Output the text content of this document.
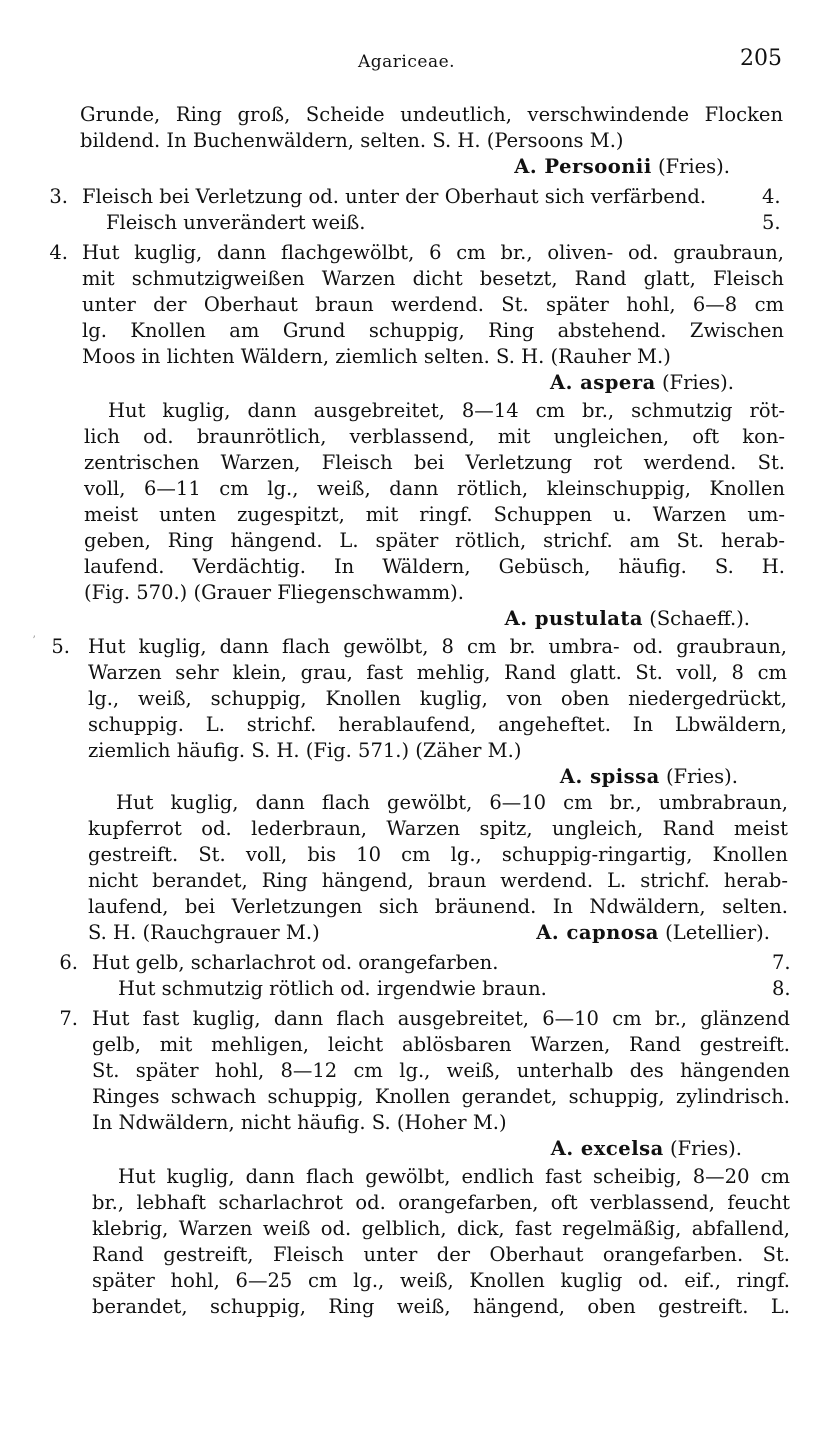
Agariceae.	205
Grunde, Ring groß, Scheide undeutlich, verschwindende Flocken
bildend. In Buchenwäldern, selten. S. H. (Persoons M.)
A. Persoonii (Fries).
3. Fleisch bei Verletzung od. unter der Oberhaut sich verfärbend.	4.
Fleisch unverändert weiß.	5.
4. Hut kuglig, dann flachgewölbt, 6 cm br., oliven- od. graubraun,
mit schmutzigweißen Warzen dicht besetzt, Rand glatt, Fleisch
unter der Oberhaut braun werdend. St. später hohl, 6—8 cm
lg. Knollen am Grund schuppig, Ring abstehend. Zwischen
Moos in lichten Wäldern, ziemlich selten. S. H. (Rauher M.)
A. aspera (Fries).
Hut kuglig, dann ausgebreitet, 8—14 cm br., schmutzig röt-
lich od. braunrötlich, verblassend, mit ungleichen, oft kon-
zentrischen Warzen, Fleisch bei Verletzung rot werdend. St.
voll, 6—11 cm lg., weiß, dann rötlich, kleinschuppig, Knollen
meist unten zugespitzt, mit ringf. Schuppen u. Warzen um-
geben, Ring hängend. L. später rötlich, strichf. am St. herab-
laufend. Verdächtig. In Wäldern, Gebüsch, häufig. S. H.
(Fig. 570.) (Grauer Fliegenschwamm).
A. pustulata (Schaeff.).
ʼ 5. Hut kuglig, dann flach gewölbt, 8 cm br. umbra- od. graubraun,
Warzen sehr klein, grau, fast mehlig, Rand glatt. St. voll, 8 cm
lg., weiß, schuppig, Knollen kuglig, von oben niedergedrückt,
schuppig. L. strichf. herablaufend, angeheftet. In Lbwäldern,
ziemlich häufig. S. H. (Fig. 571.) (Zäher M.)
A. spissa (Fries).
Hut kuglig, dann flach gewölbt, 6—10 cm br., umbrabraun,
kupferrot od. lederbraun, Warzen spitz, ungleich, Rand meist
gestreift. St. voll, bis 10 cm lg., schuppig-ringartig, Knollen
nicht berandet, Ring hängend, braun werdend. L. strichf. herab-
laufend, bei Verletzungen sich bräunend. In Ndwäldern, selten.
S. H. (Rauchgrauer M.)	A. capnosa (Letellier).
6. Hut gelb, scharlachrot od. orangefarben.	7.
Hut schmutzig rötlich od. irgendwie braun.	8.
7. Hut fast kuglig, dann flach ausgebreitet, 6—10 cm br., glänzend
gelb, mit mehligen, leicht ablösbaren Warzen, Rand gestreift.
St. später hohl, 8—12 cm lg., weiß, unterhalb des hängenden
Ringes schwach schuppig, Knollen gerandet, schuppig, zylindrisch.
In Ndwäldern, nicht häufig. S. (Hoher M.)
A. excelsa (Fries).
Hut kuglig, dann flach gewölbt, endlich fast scheibig, 8—20 cm
br., lebhaft scharlachrot od. orangefarben, oft verblassend, feucht
klebrig, Warzen weiß od. gelblich, dick, fast regelmäßig, abfallend,
Rand gestreift, Fleisch unter der Oberhaut orangefarben. St.
später hohl, 6—25 cm lg., weiß, Knollen kuglig od. eif., ringf.
berandet, schuppig, Ring weiß, hängend, oben gestreift. L.
